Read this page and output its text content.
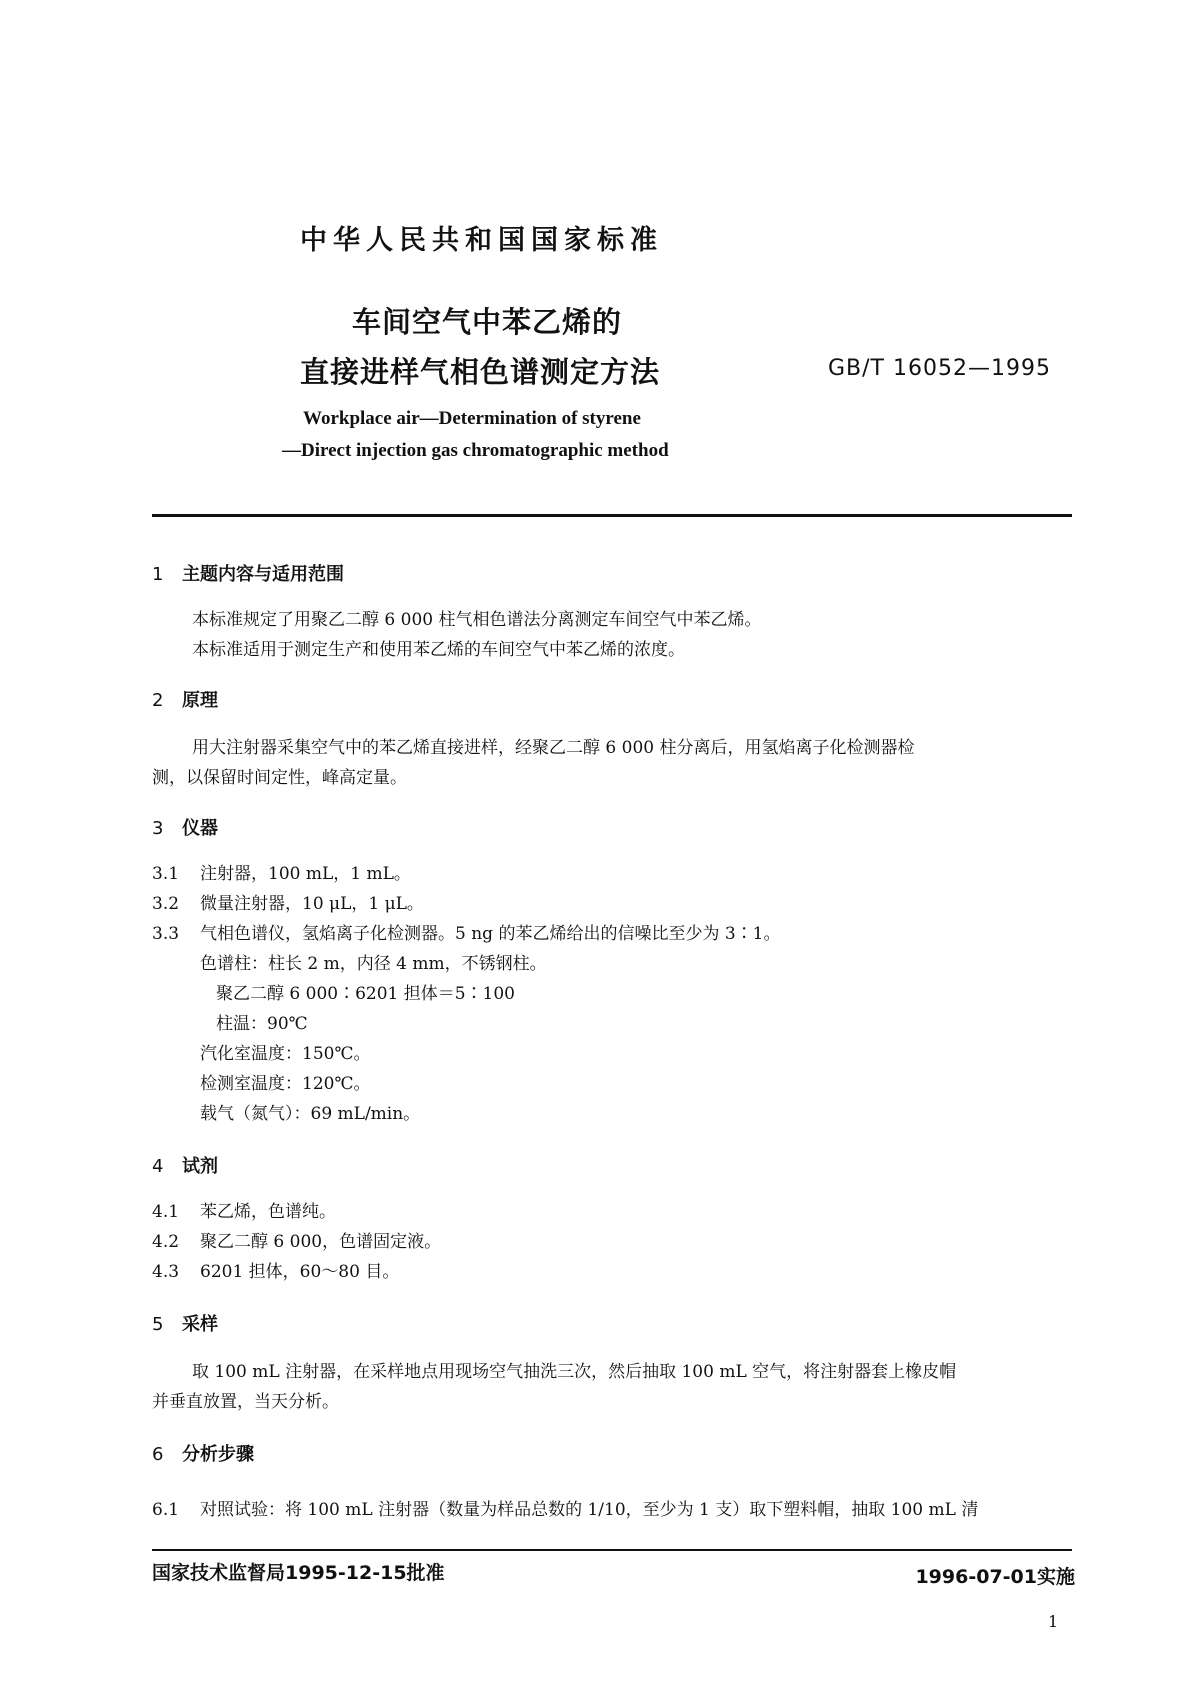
中华人民共和国国家标准
车间空气中苯乙烯的
直接进样气相色谱测定方法	GB/T 16052—1995
Workplace air—Determination of styrene
—Direct injection gas chromatographic method
1 主题内容与适用范围
本标准规定了用聚乙二醇 6 000 柱气相色谱法分离测定车间空气中苯乙烯。
本标准适用于测定生产和使用苯乙烯的车间空气中苯乙烯的浓度。
2 原理
用大注射器采集空气中的苯乙烯直接进样，经聚乙二醇 6 000 柱分离后，用氢焰离子化检测器检
测，以保留时间定性，峰高定量。
3 仪器
3.1 注射器，100 mL，1 mL。
3.2 微量注射器，10 μL，1 μL。
3.3 气相色谱仪，氢焰离子化检测器。5 ng 的苯乙烯给出的信噪比至少为 3∶1。
色谱柱：柱长 2 m，内径 4 mm，不锈钢柱。
聚乙二醇 6 000∶6201 担体＝5∶100
柱温：90℃
汽化室温度：150℃。
检测室温度：120℃。
载气（氮气）：69 mL/min。
4 试剂
4.1 苯乙烯，色谱纯。
4.2 聚乙二醇 6 000，色谱固定液。
4.3 6201 担体，60～80 目。
5 采样
取 100 mL 注射器，在采样地点用现场空气抽洗三次，然后抽取 100 mL 空气，将注射器套上橡皮帽
并垂直放置，当天分析。
6 分析步骤
6.1 对照试验：将 100 mL 注射器（数量为样品总数的 1/10，至少为 1 支）取下塑料帽，抽取 100 mL 清
国家技术监督局1995-12-15批准	1996-07-01实施
1
